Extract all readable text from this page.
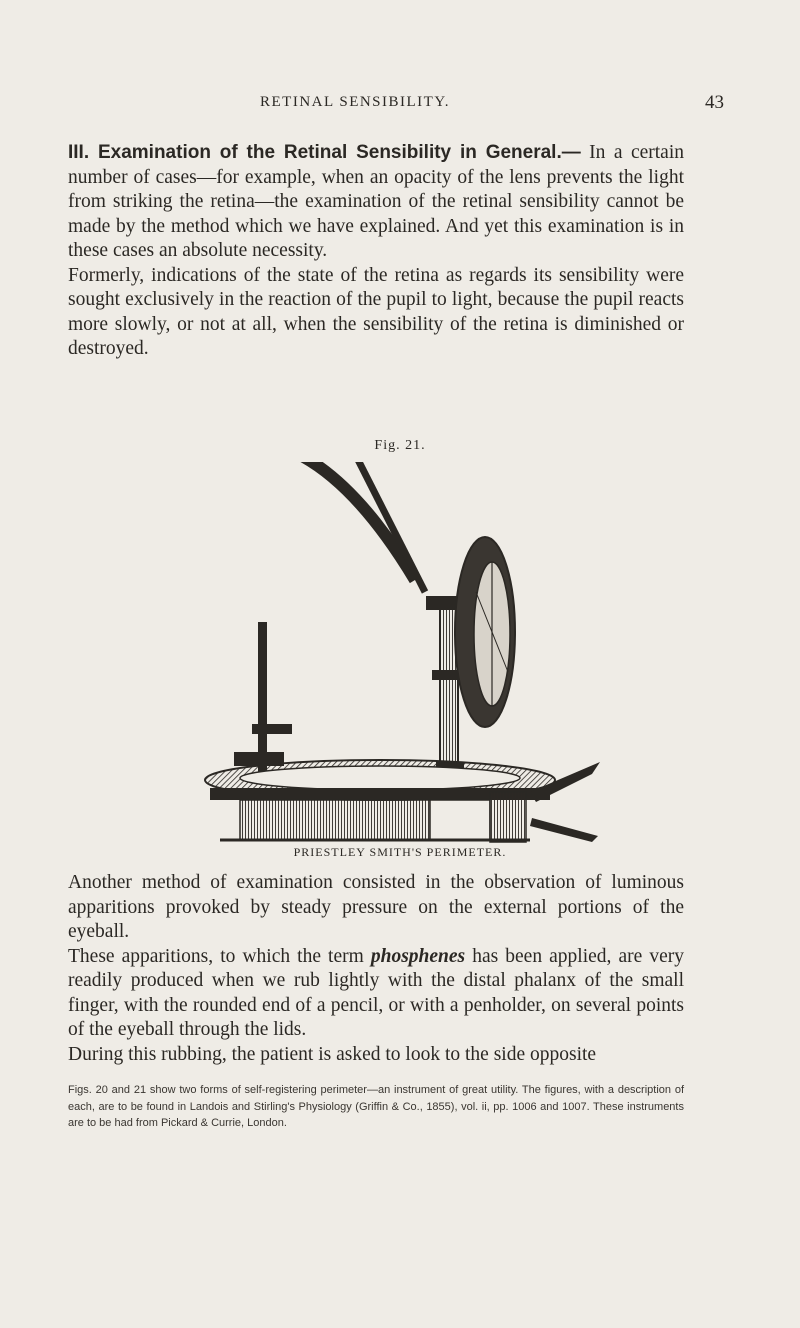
RETINAL SENSIBILITY.	43

III. Examination of the Retinal Sensibility in General.— In a certain number of cases—for example, when an opacity of the lens prevents the light from striking the retina—the examination of the retinal sensibility cannot be made by the method which we have explained. And yet this examination is in these cases an absolute necessity.

Formerly, indications of the state of the retina as regards its sensibility were sought exclusively in the reaction of the pupil to light, because the pupil reacts more slowly, or not at all, when the sensibility of the retina is diminished or destroyed.

Fig. 21.
PRIESTLEY SMITH'S PERIMETER.

Another method of examination consisted in the observation of luminous apparitions provoked by steady pressure on the external portions of the eyeball.

These apparitions, to which the term phosphenes has been applied, are very readily produced when we rub lightly with the distal phalanx of the small finger, with the rounded end of a pencil, or with a penholder, on several points of the eyeball through the lids.

During this rubbing, the patient is asked to look to the side opposite

Figs. 20 and 21 show two forms of self-registering perimeter—an instrument of great utility. The figures, with a description of each, are to be found in Landois and Stirling's Physiology (Griffin & Co., 1855), vol. ii, pp. 1006 and 1007. These instruments are to be had from Pickard & Currie, London.
